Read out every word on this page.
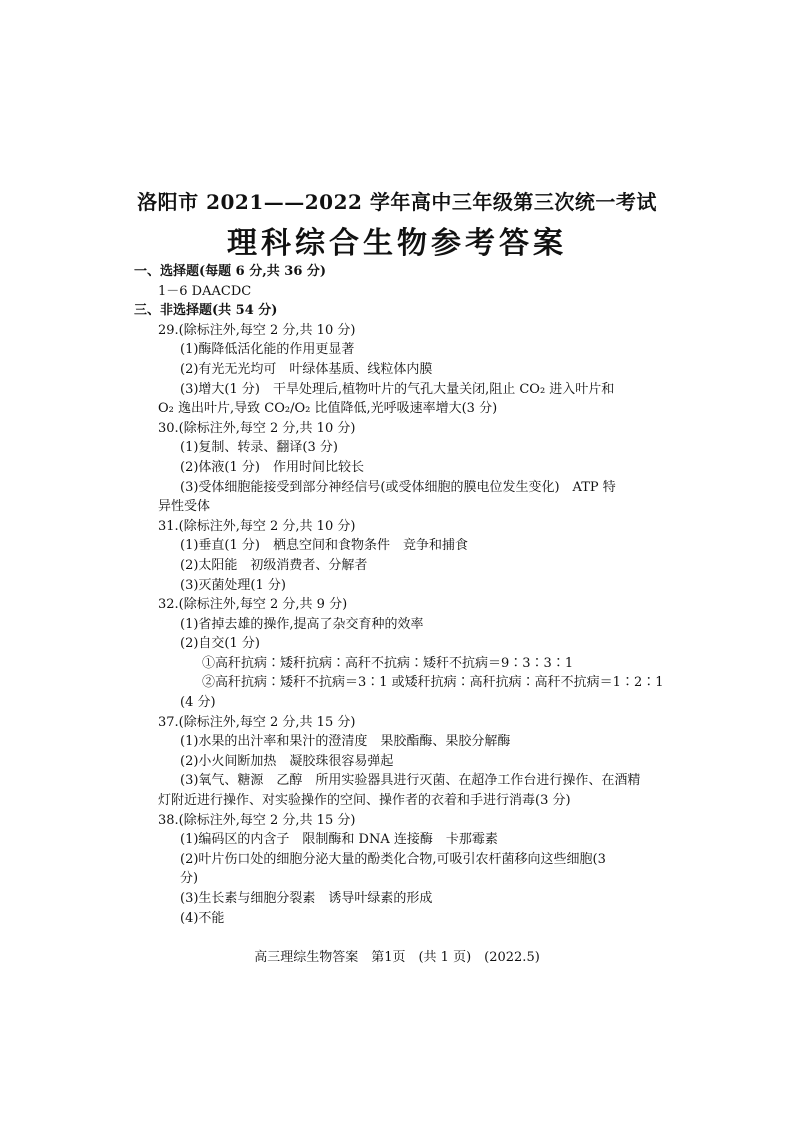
洛阳市 2021——2022 学年高中三年级第三次统一考试
理科综合生物参考答案
一、选择题(每题 6 分,共 36 分)
1－6 DAACDC
三、非选择题(共 54 分)
29.(除标注外,每空 2 分,共 10 分)
(1)酶降低活化能的作用更显著
(2)有光无光均可　叶绿体基质、线粒体内膜
(3)增大(1 分)　干旱处理后,植物叶片的气孔大量关闭,阻止 CO₂ 进入叶片和
O₂ 逸出叶片,导致 CO₂/O₂ 比值降低,光呼吸速率增大(3 分)
30.(除标注外,每空 2 分,共 10 分)
(1)复制、转录、翻译(3 分)
(2)体液(1 分)　作用时间比较长
(3)受体细胞能接受到部分神经信号(或受体细胞的膜电位发生变化)　ATP 特
异性受体
31.(除标注外,每空 2 分,共 10 分)
(1)垂直(1 分)　栖息空间和食物条件　竞争和捕食
(2)太阳能　初级消费者、分解者
(3)灭菌处理(1 分)
32.(除标注外,每空 2 分,共 9 分)
(1)省掉去雄的操作,提高了杂交育种的效率
(2)自交(1 分)
①高秆抗病∶矮秆抗病∶高秆不抗病∶矮秆不抗病＝9∶3∶3∶1
②高秆抗病∶矮秆不抗病＝3∶1 或矮秆抗病∶高秆抗病∶高秆不抗病＝1∶2∶1
(4 分)
37.(除标注外,每空 2 分,共 15 分)
(1)水果的出汁率和果汁的澄清度　果胶酯酶、果胶分解酶
(2)小火间断加热　凝胶珠很容易弹起
(3)氧气、糖源　乙醇　所用实验器具进行灭菌、在超净工作台进行操作、在酒精
灯附近进行操作、对实验操作的空间、操作者的衣着和手进行消毒(3 分)
38.(除标注外,每空 2 分,共 15 分)
(1)编码区的内含子　限制酶和 DNA 连接酶　卡那霉素
(2)叶片伤口处的细胞分泌大量的酚类化合物,可吸引农杆菌移向这些细胞(3
分)
(3)生长素与细胞分裂素　诱导叶绿素的形成
(4)不能
高三理综生物答案　第1页　(共 1 页)　(2022.5)
